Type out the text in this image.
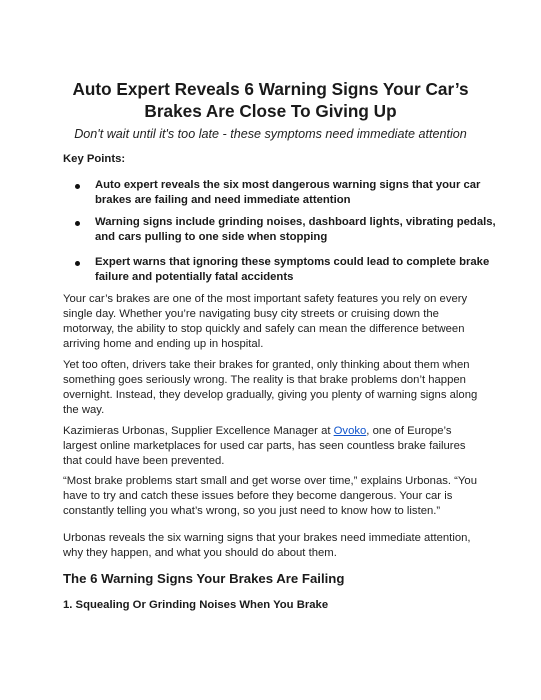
Auto Expert Reveals 6 Warning Signs Your Car’s
Brakes Are Close To Giving Up

Don't wait until it's too late - these symptoms need immediate attention

Key Points:

Auto expert reveals the six most dangerous warning signs that your car brakes are failing and need immediate attention
Warning signs include grinding noises, dashboard lights, vibrating pedals, and cars pulling to one side when stopping
Expert warns that ignoring these symptoms could lead to complete brake failure and potentially fatal accidents

Your car’s brakes are one of the most important safety features you rely on every single day. Whether you’re navigating busy city streets or cruising down the motorway, the ability to stop quickly and safely can mean the difference between arriving home and ending up in hospital.

Yet too often, drivers take their brakes for granted, only thinking about them when something goes seriously wrong. The reality is that brake problems don’t happen overnight. Instead, they develop gradually, giving you plenty of warning signs along the way.

Kazimieras Urbonas, Supplier Excellence Manager at Ovoko, one of Europe’s largest online marketplaces for used car parts, has seen countless brake failures that could have been prevented.

“Most brake problems start small and get worse over time,” explains Urbonas. “You have to try and catch these issues before they become dangerous. Your car is constantly telling you what’s wrong, so you just need to know how to listen.”

Urbonas reveals the six warning signs that your brakes need immediate attention, why they happen, and what you should do about them.

The 6 Warning Signs Your Brakes Are Failing
1. Squealing Or Grinding Noises When You Brake
